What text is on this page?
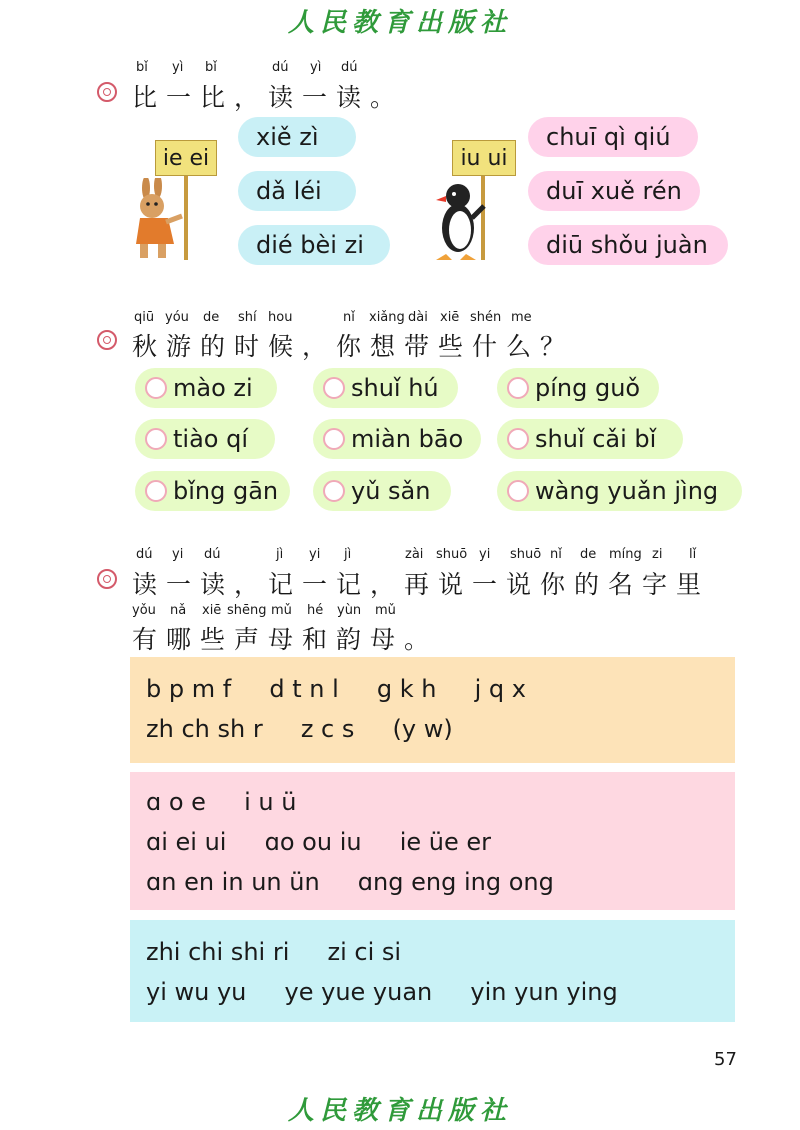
人民教育出版社
bǐ yì bǐ	dú yì dú
比 一 比 ， 读 一 读 。
ie ei
xiě zì
dǎ léi
dié bèi zi
iu ui
chuī qì qiú
duī xuě rén
diū shǒu juàn
qiū yóu de shí hou	nǐ xiǎng dài xiē shén me
秋 游 的 时 候 ， 你 想 带 些 什 么 ？
mào zi	shuǐ hú	píng guǒ
tiào qí	miàn bāo	shuǐ cǎi bǐ
bǐng gān	yǔ sǎn	wàng yuǎn jìng
dú yi dú	jì yi jì	zài shuō yi shuō nǐ de míng zi lǐ
读 一 读 ， 记 一 记 ， 再 说 一 说 你 的 名 字 里
yǒu nǎ xiē shēng mǔ hé yùn mǔ
有 哪 些 声 母 和 韵 母 。
b p m f     d t n l     g k h     j q x
zh ch sh r     z c s     (y w)
ɑ o e     i u ü
ɑi ei ui     ɑo ou iu     ie üe er
ɑn en in un ün     ɑng eng ing ong
zhi chi shi ri     zi ci si
yi wu yu     ye yue yuan     yin yun ying
57
人民教育出版社
